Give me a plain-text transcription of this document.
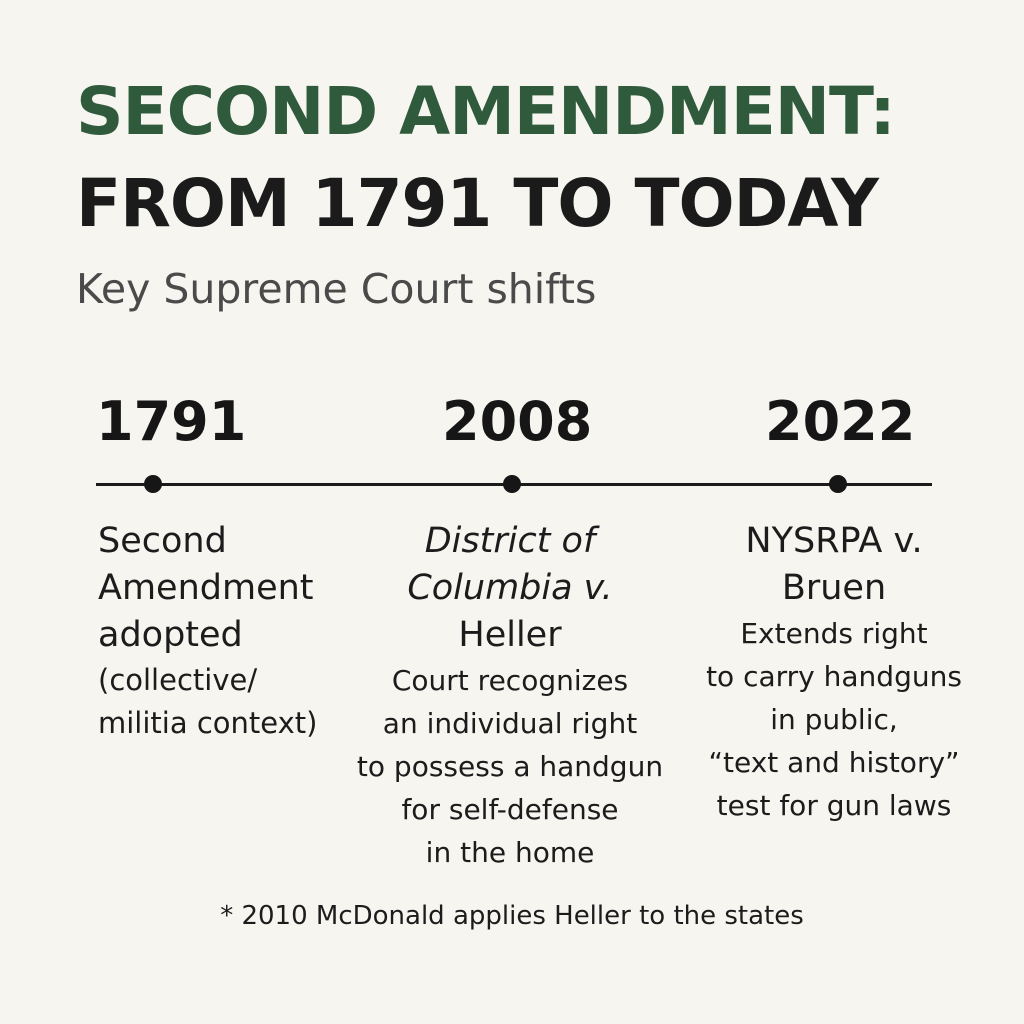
SECOND AMENDMENT:
FROM 1791 TO TODAY

Key Supreme Court shifts

1791	2008	2022
Second
Amendment
adopted
(collective/
militia context)
District of
Columbia v.
Heller
Court recognizes
an individual right
to possess a handgun
for self-defense
in the home
NYSRPA v.
Bruen
Extends right
to carry handguns
in public,
“text and history”
test for gun laws

* 2010 McDonald applies Heller to the states
